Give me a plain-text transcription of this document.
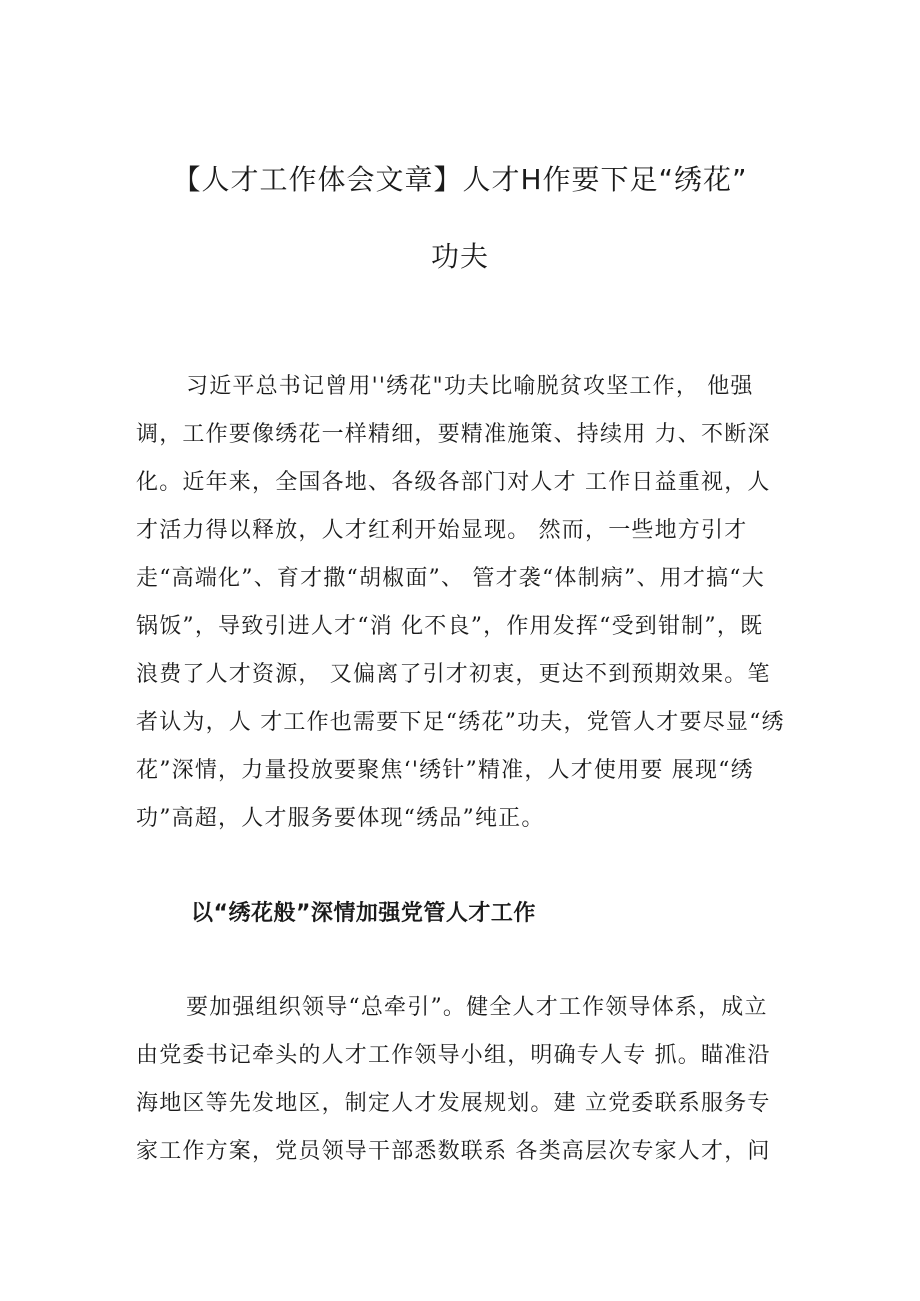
【人才工作体会文章】人才H作要下足“绣花”
功夫

习近平总书记曾用''绣花"功夫比喻脱贫攻坚工作， 他强调，工作要像绣花一样精细，要精准施策、持续用 力、不断深化。近年来，全国各地、各级各部门对人才 工作日益重视，人才活力得以释放，人才红利开始显现。 然而，一些地方引才走“高端化”、育才撒“胡椒面”、 管才袭“体制病”、用才搞“大锅饭”，导致引进人才“消 化不良”，作用发挥“受到钳制”，既浪费了人才资源， 又偏离了引才初衷，更达不到预期效果。笔者认为，人 才工作也需要下足“绣花”功夫，党管人才要尽显“绣 花”深情，力量投放要聚焦‘'绣针”精准，人才使用要 展现“绣功”高超，人才服务要体现“绣品”纯正。

以“绣花般”深情加强党管人才工作

要加强组织领导“总牵引”。健全人才工作领导体系，成立由党委书记牵头的人才工作领导小组，明确专人专 抓。瞄准沿海地区等先发地区，制定人才发展规划。建 立党委联系服务专家工作方案，党员领导干部悉数联系 各类高层次专家人才，问
